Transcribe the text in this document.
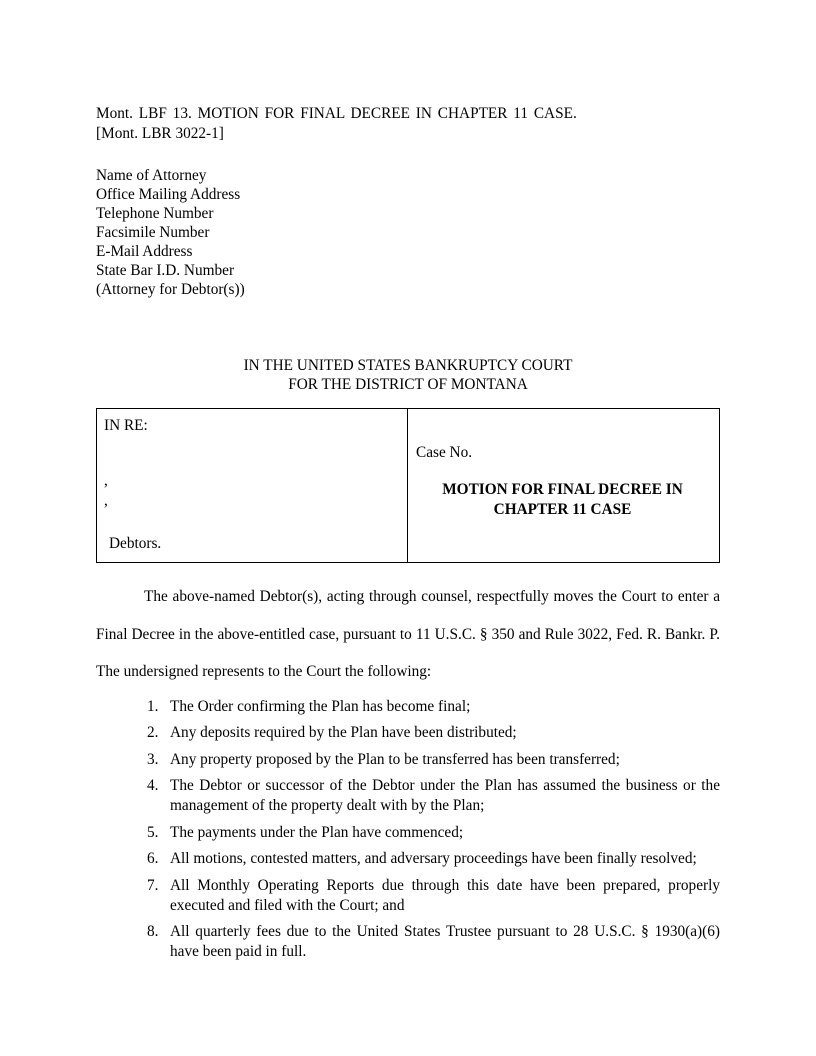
Mont. LBF 13. MOTION FOR FINAL DECREE IN CHAPTER 11 CASE.
[Mont. LBR 3022-1]
Name of Attorney
Office Mailing Address
Telephone Number
Facsimile Number
E-Mail Address
State Bar I.D. Number
(Attorney for Debtor(s))
IN THE UNITED STATES BANKRUPTCY COURT
FOR THE DISTRICT OF MONTANA
IN RE:
,
,
Debtors.
Case No.
MOTION FOR FINAL DECREE IN
CHAPTER 11 CASE

The above-named Debtor(s), acting through counsel, respectfully moves the Court to enter a Final Decree in the above-entitled case, pursuant to 11 U.S.C. § 350 and Rule 3022, Fed. R. Bankr. P. The undersigned represents to the Court the following:

1. The Order confirming the Plan has become final;
2. Any deposits required by the Plan have been distributed;
3. Any property proposed by the Plan to be transferred has been transferred;
4. The Debtor or successor of the Debtor under the Plan has assumed the business or the management of the property dealt with by the Plan;
5. The payments under the Plan have commenced;
6. All motions, contested matters, and adversary proceedings have been finally resolved;
7. All Monthly Operating Reports due through this date have been prepared, properly executed and filed with the Court; and
8. All quarterly fees due to the United States Trustee pursuant to 28 U.S.C. § 1930(a)(6) have been paid in full.
